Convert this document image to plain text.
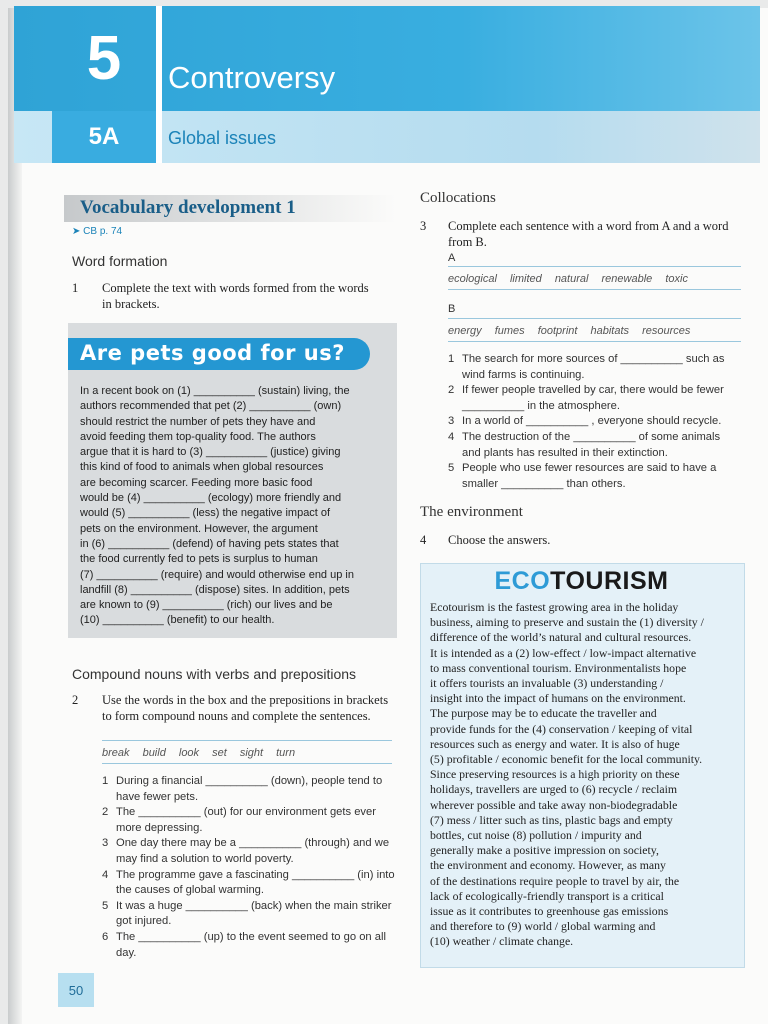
5
5A
Controversy
Global issues
Vocabulary development 1
➤ CB p. 74
Word formation
1 Complete the text with words formed from the words in brackets.
Are pets good for us?

In a recent book on (1) __________ (sustain) living, the

authors recommended that pet (2) __________ (own)

should restrict the number of pets they have and

avoid feeding them top-quality food. The authors

argue that it is hard to (3) __________ (justice) giving

this kind of food to animals when global resources

are becoming scarcer. Feeding more basic food

would be (4) __________ (ecology) more friendly and

would (5) __________ (less) the negative impact of

pets on the environment. However, the argument

in (6) __________ (defend) of having pets states that

the food currently fed to pets is surplus to human

(7) __________ (require) and would otherwise end up in

landfill (8) __________ (dispose) sites. In addition, pets

are known to (9) __________ (rich) our lives and be

(10) __________ (benefit) to our health.

Compound nouns with verbs and prepositions
2 Use the words in the box and the prepositions in brackets to form compound nouns and complete the sentences.
break build look set sight turn
1 During a financial __________ (down), people tend to have fewer pets.
2 The __________ (out) for our environment gets ever more depressing.
3 One day there may be a __________ (through) and we may find a solution to world poverty.
4 The programme gave a fascinating __________ (in) into the causes of global warming.
5 It was a huge __________ (back) when the main striker got injured.
6 The __________ (up) to the event seemed to go on all day.
50
Collocations
3 Complete each sentence with a word from A and a word from B.
A
ecological limited natural renewable toxic
B
energy fumes footprint habitats resources
1 The search for more sources of __________ such as wind farms is continuing.
2 If fewer people travelled by car, there would be fewer __________ in the atmosphere.
3 In a world of __________ , everyone should recycle.
4 The destruction of the __________ of some animals and plants has resulted in their extinction.
5 People who use fewer resources are said to have a smaller __________ than others.
The environment
4 Choose the answers.
ECOTOURISM

Ecotourism is the fastest growing area in the holiday

business, aiming to preserve and sustain the (1) diversity /

difference of the world’s natural and cultural resources.

It is intended as a (2) low-effect / low-impact alternative

to mass conventional tourism. Environmentalists hope

it offers tourists an invaluable (3) understanding /

insight into the impact of humans on the environment.

The purpose may be to educate the traveller and

provide funds for the (4) conservation / keeping of vital

resources such as energy and water. It is also of huge

(5) profitable / economic benefit for the local community.

Since preserving resources is a high priority on these

holidays, travellers are urged to (6) recycle / reclaim

wherever possible and take away non-biodegradable

(7) mess / litter such as tins, plastic bags and empty

bottles, cut noise (8) pollution / impurity and

generally make a positive impression on society,

the environment and economy. However, as many

of the destinations require people to travel by air, the

lack of ecologically-friendly transport is a critical

issue as it contributes to greenhouse gas emissions

and therefore to (9) world / global warming and

(10) weather / climate change.
